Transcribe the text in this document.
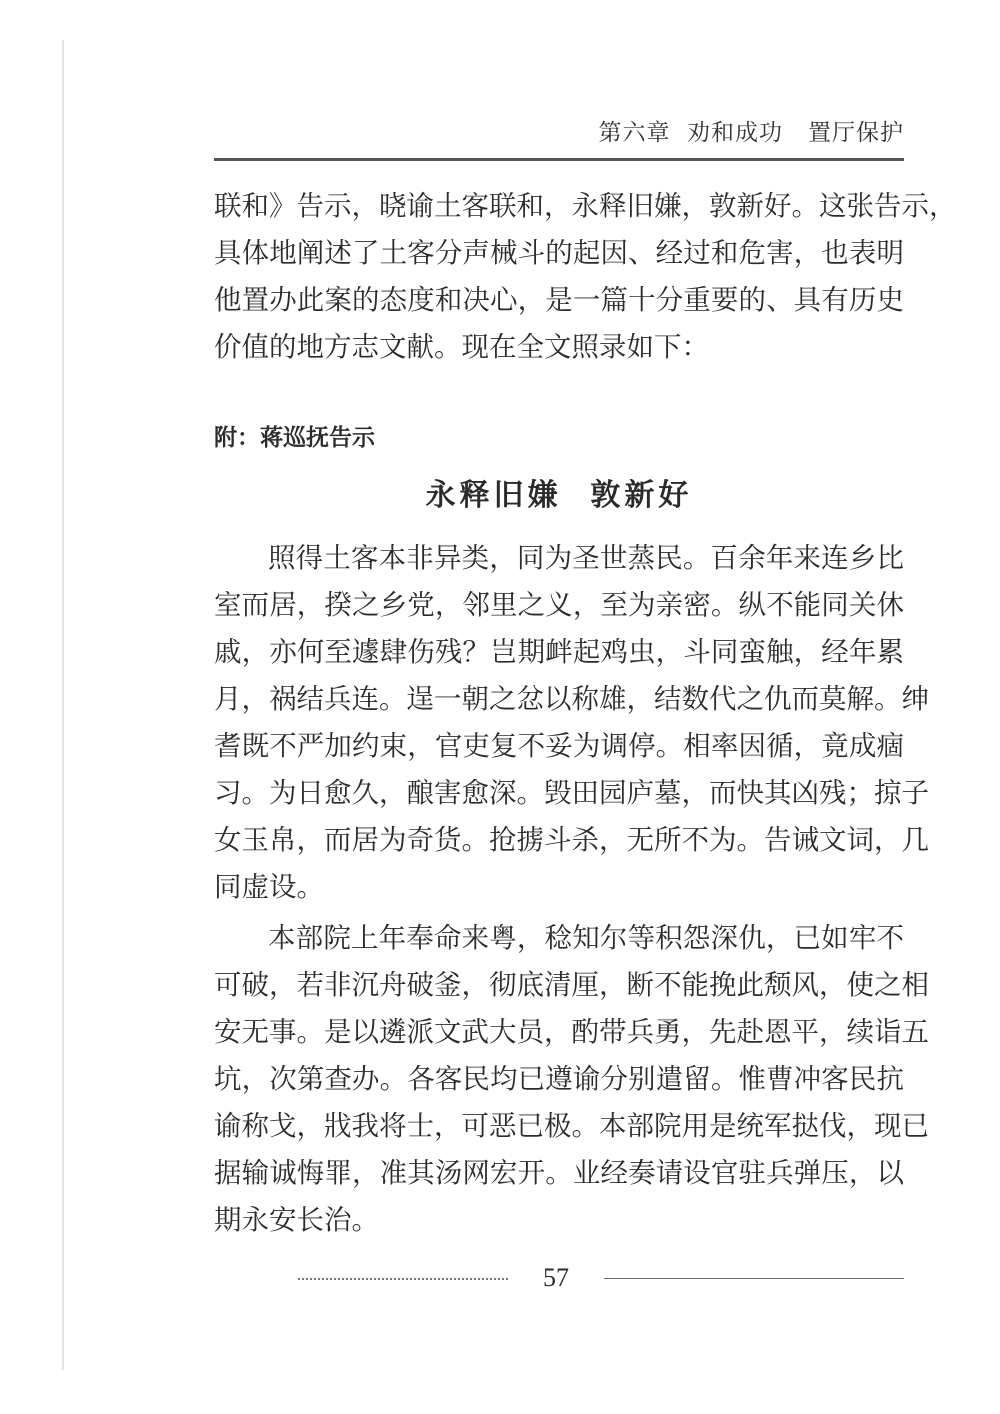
第六章  劝和成功   置厅保护
联和》告示，晓谕土客联和，永释旧嫌，敦新好。这张告示，
具体地阐述了土客分声械斗的起因、经过和危害，也表明
他置办此案的态度和决心，是一篇十分重要的、具有历史
价值的地方志文献。现在全文照录如下：
附：蒋巡抚告示
永释旧嫌  敦新好
照得土客本非异类，同为圣世蒸民。百余年来连乡比
室而居，揆之乡党，邻里之义，至为亲密。纵不能同关休
戚，亦何至遽肆伤残？岂期衅起鸡虫，斗同蛮触，经年累
月，祸结兵连。逞一朝之忿以称雄，结数代之仇而莫解。绅
耆既不严加约束，官吏复不妥为调停。相率因循，竟成痼
习。为日愈久，酿害愈深。毁田园庐墓，而快其凶残；掠子
女玉帛，而居为奇货。抢掳斗杀，无所不为。告诫文词，几
同虚设。
本部院上年奉命来粤，稔知尔等积怨深仇，已如牢不
可破，若非沉舟破釜，彻底清厘，断不能挽此颓风，使之相
安无事。是以遴派文武大员，酌带兵勇，先赴恩平，续诣五
坑，次第查办。各客民均已遵谕分别遣留。惟曹冲客民抗
谕称戈，戕我将士，可恶已极。本部院用是统军挞伐，现已
据输诚悔罪，准其汤网宏开。业经奏请设官驻兵弹压，以
期永安长治。
57
